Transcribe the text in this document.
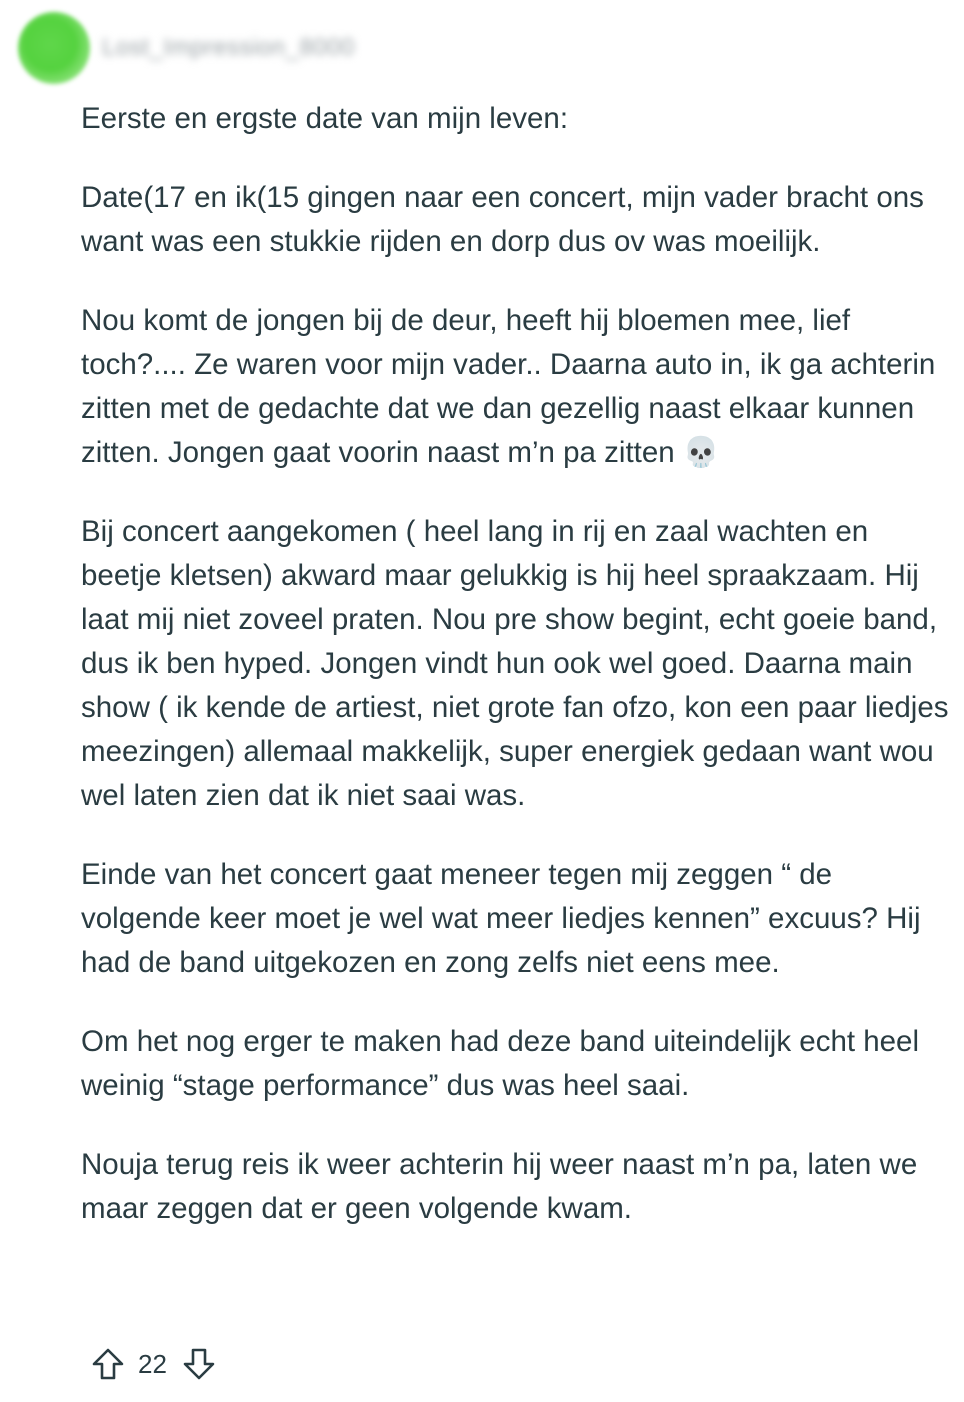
Lost_Impression_8000

Eerste en ergste date van mijn leven:

Date(17 en ik(15 gingen naar een concert, mijn vader bracht ons want was een stukkie rijden en dorp dus ov was moeilijk.

Nou komt de jongen bij de deur, heeft hij bloemen mee, lief toch?.... Ze waren voor mijn vader.. Daarna auto in, ik ga achterin zitten met de gedachte dat we dan gezellig naast elkaar kunnen zitten. Jongen gaat voorin naast m’n pa zitten 💀

Bij concert aangekomen ( heel lang in rij en zaal wachten en beetje kletsen) akward maar gelukkig is hij heel spraakzaam. Hij laat mij niet zoveel praten. Nou pre show begint, echt goeie band, dus ik ben hyped. Jongen vindt hun ook wel goed. Daarna main show ( ik kende de artiest, niet grote fan ofzo, kon een paar liedjes meezingen) allemaal makkelijk, super energiek gedaan want wou wel laten zien dat ik niet saai was.

Einde van het concert gaat meneer tegen mij zeggen “ de volgende keer moet je wel wat meer liedjes kennen” excuus? Hij had de band uitgekozen en zong zelfs niet eens mee.

Om het nog erger te maken had deze band uiteindelijk echt heel weinig “stage performance” dus was heel saai.

Nouja terug reis ik weer achterin hij weer naast m’n pa, laten we maar zeggen dat er geen volgende kwam.

22
